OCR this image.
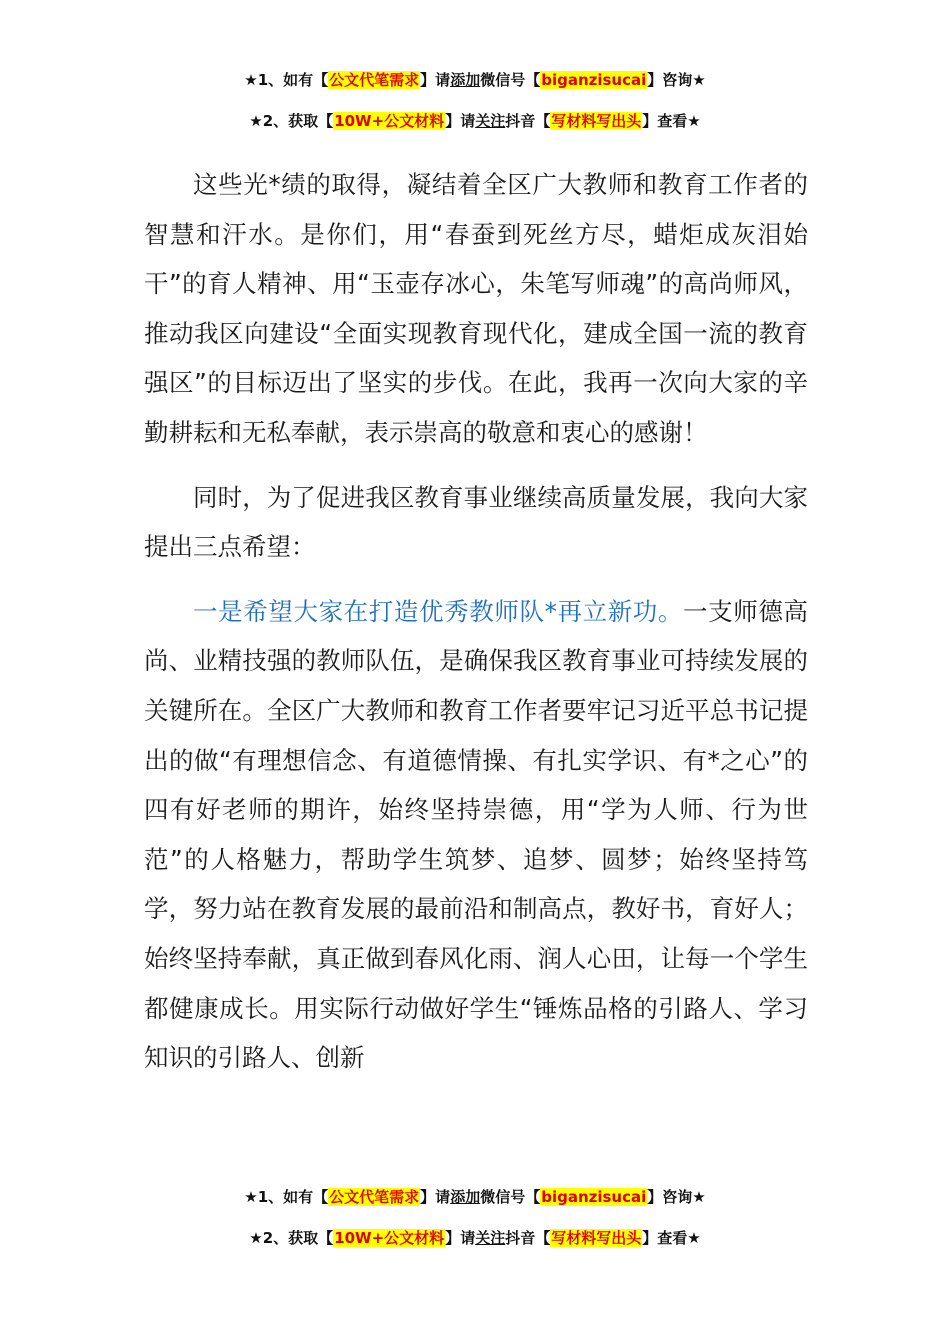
★1、如有【公文代笔需求】请添加微信号【biganzisucai】咨询★
★2、获取【10W+公文材料】请关注抖音【写材料写出头】查看★

这些光*绩的取得，凝结着全区广大教师和教育工作者的智慧和汗水。是你们，用“春蚕到死丝方尽，蜡炬成灰泪始干”的育人精神、用“玉壶存冰心，朱笔写师魂”的高尚师风，推动我区向建设“全面实现教育现代化，建成全国一流的教育强区”的目标迈出了坚实的步伐。在此，我再一次向大家的辛勤耕耘和无私奉献，表示崇高的敬意和衷心的感谢！

同时，为了促进我区教育事业继续高质量发展，我向大家提出三点希望：

一是希望大家在打造优秀教师队*再立新功。一支师德高尚、业精技强的教师队伍，是确保我区教育事业可持续发展的关键所在。全区广大教师和教育工作者要牢记习近平总书记提出的做“有理想信念、有道德情操、有扎实学识、有*之心”的四有好老师的期许，始终坚持崇德，用“学为人师、行为世范”的人格魅力，帮助学生筑梦、追梦、圆梦；始终坚持笃学，努力站在教育发展的最前沿和制高点，教好书，育好人；始终坚持奉献，真正做到春风化雨、润人心田，让每一个学生都健康成长。用实际行动做好学生“锤炼品格的引路人、学习知识的引路人、创新

★1、如有【公文代笔需求】请添加微信号【biganzisucai】咨询★
★2、获取【10W+公文材料】请关注抖音【写材料写出头】查看★
